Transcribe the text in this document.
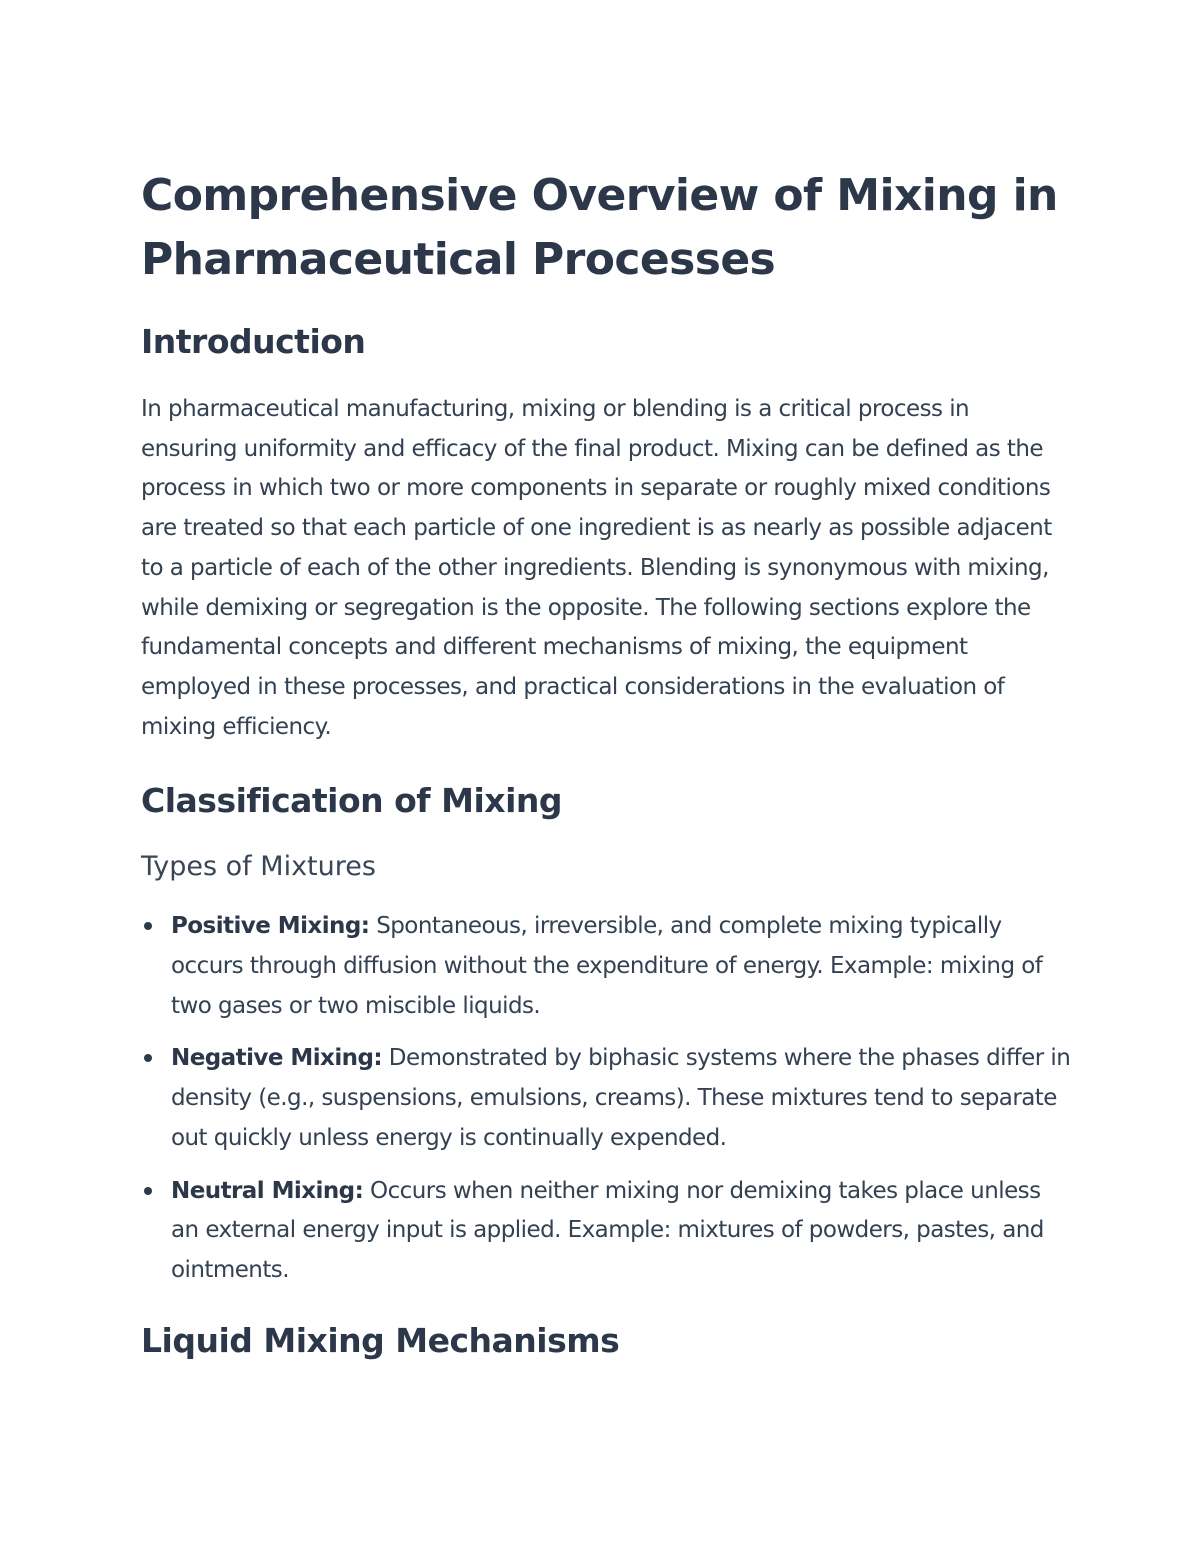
Comprehensive Overview of Mixing in Pharmaceutical Processes
Introduction

In pharmaceutical manufacturing, mixing or blending is a critical process in ensuring uniformity and efficacy of the final product. Mixing can be defined as the process in which two or more components in separate or roughly mixed conditions are treated so that each particle of one ingredient is as nearly as possible adjacent to a particle of each of the other ingredients. Blending is synonymous with mixing, while demixing or segregation is the opposite. The following sections explore the fundamental concepts and different mechanisms of mixing, the equipment employed in these processes, and practical considerations in the evaluation of mixing efficiency.

Classification of Mixing
Types of Mixtures
Positive Mixing: Spontaneous, irreversible, and complete mixing typically occurs through diffusion without the expenditure of energy. Example: mixing of two gases or two miscible liquids.
Negative Mixing: Demonstrated by biphasic systems where the phases differ in density (e.g., suspensions, emulsions, creams). These mixtures tend to separate out quickly unless energy is continually expended.
Neutral Mixing: Occurs when neither mixing nor demixing takes place unless an external energy input is applied. Example: mixtures of powders, pastes, and ointments.
Liquid Mixing Mechanisms
